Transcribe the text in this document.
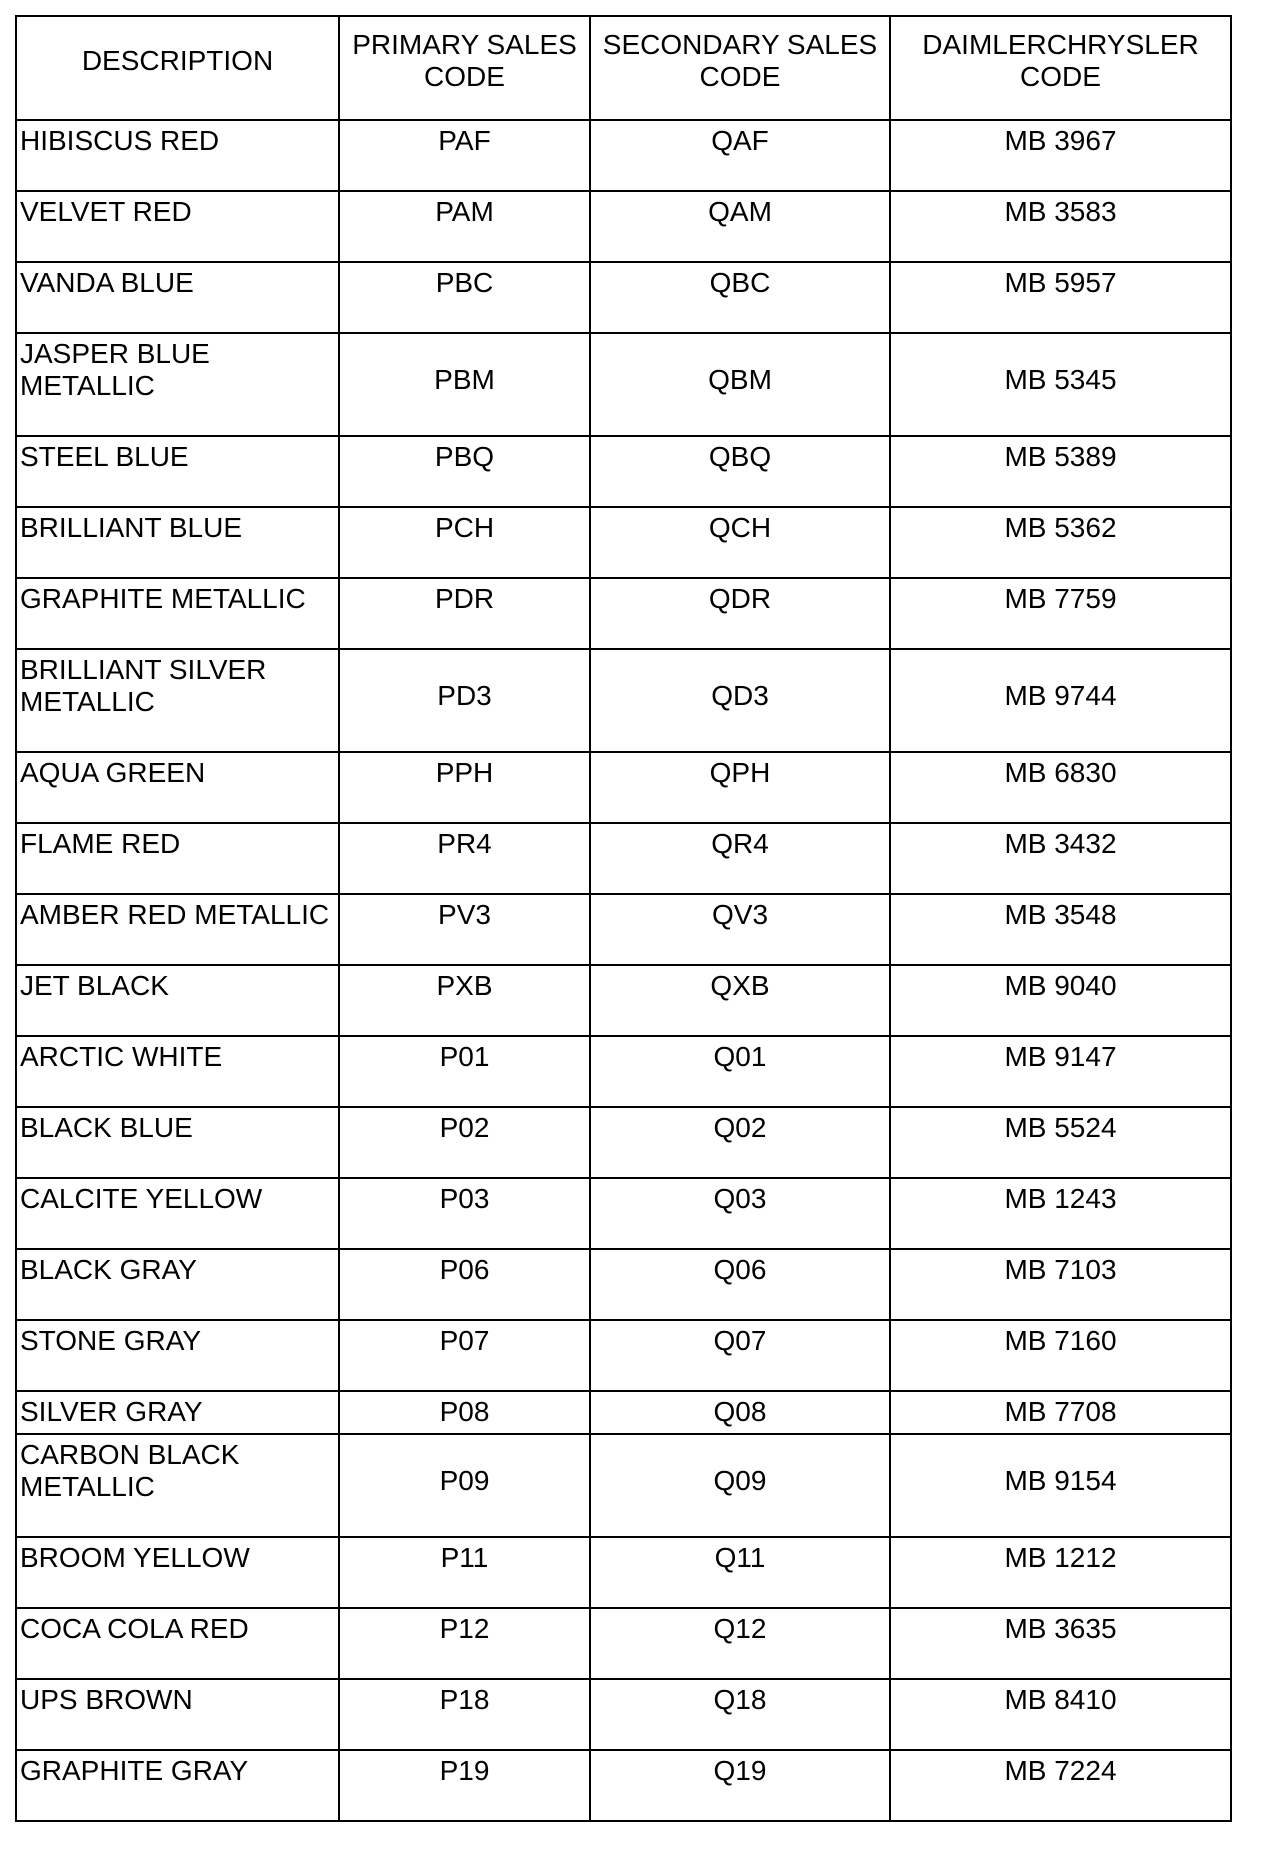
DESCRIPTION	PRIMARY SALES CODE	SECONDARY SALES CODE	DAIMLERCHRYSLER CODE
HIBISCUS RED	PAF	QAF	MB 3967
VELVET RED	PAM	QAM	MB 3583
VANDA BLUE	PBC	QBC	MB 5957
JASPER BLUE METALLIC	PBM	QBM	MB 5345
STEEL BLUE	PBQ	QBQ	MB 5389
BRILLIANT BLUE	PCH	QCH	MB 5362
GRAPHITE METALLIC	PDR	QDR	MB 7759
BRILLIANT SILVER METALLIC	PD3	QD3	MB 9744
AQUA GREEN	PPH	QPH	MB 6830
FLAME RED	PR4	QR4	MB 3432
AMBER RED METALLIC	PV3	QV3	MB 3548
JET BLACK	PXB	QXB	MB 9040
ARCTIC WHITE	P01	Q01	MB 9147
BLACK BLUE	P02	Q02	MB 5524
CALCITE YELLOW	P03	Q03	MB 1243
BLACK GRAY	P06	Q06	MB 7103
STONE GRAY	P07	Q07	MB 7160
SILVER GRAY	P08	Q08	MB 7708
CARBON BLACK METALLIC	P09	Q09	MB 9154
BROOM YELLOW	P11	Q11	MB 1212
COCA COLA RED	P12	Q12	MB 3635
UPS BROWN	P18	Q18	MB 8410
GRAPHITE GRAY	P19	Q19	MB 7224
